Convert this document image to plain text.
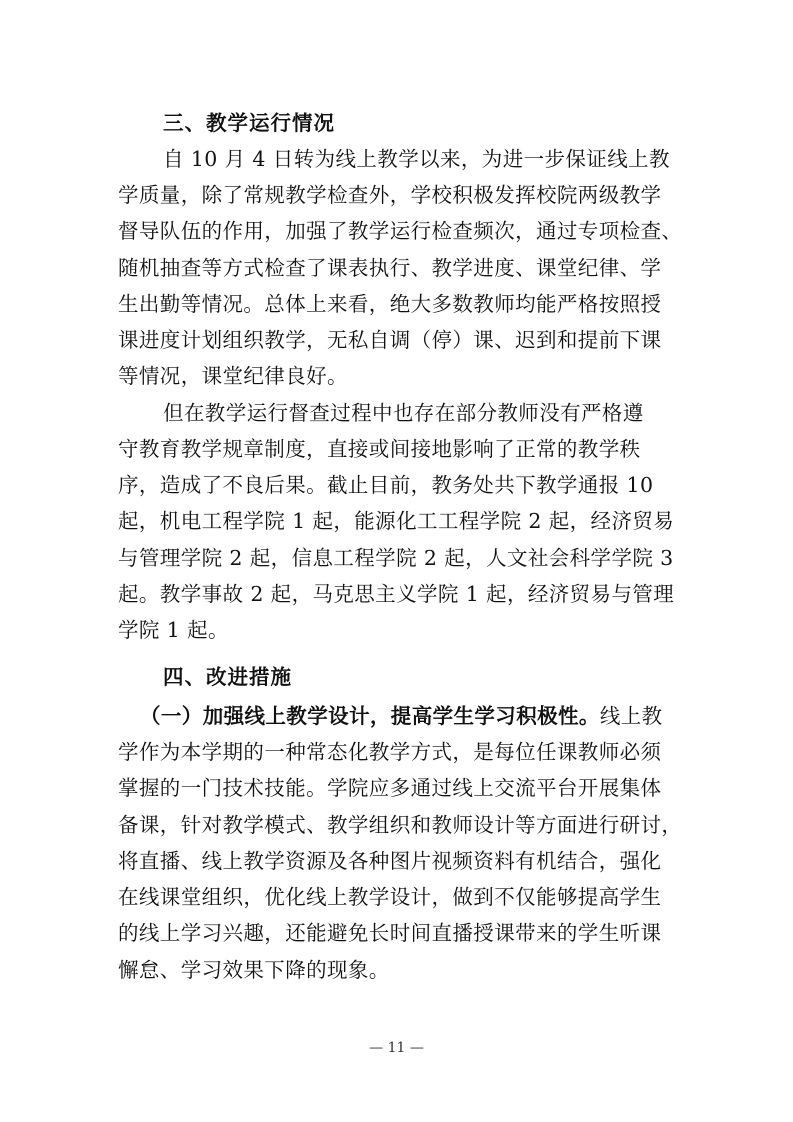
三、教学运行情况
自 10 月 4 日转为线上教学以来，为进一步保证线上教
学质量，除了常规教学检查外，学校积极发挥校院两级教学
督导队伍的作用，加强了教学运行检查频次，通过专项检查、
随机抽查等方式检查了课表执行、教学进度、课堂纪律、学
生出勤等情况。总体上来看，绝大多数教师均能严格按照授
课进度计划组织教学，无私自调（停）课、迟到和提前下课
等情况，课堂纪律良好。
但在教学运行督查过程中也存在部分教师没有严格遵
守教育教学规章制度，直接或间接地影响了正常的教学秩
序，造成了不良后果。截止目前，教务处共下教学通报 10
起，机电工程学院 1 起，能源化工工程学院 2 起，经济贸易
与管理学院 2 起，信息工程学院 2 起，人文社会科学学院 3
起。教学事故 2 起，马克思主义学院 1 起，经济贸易与管理
学院 1 起。
四、改进措施
（一）加强线上教学设计，提高学生学习积极性。线上教
学作为本学期的一种常态化教学方式，是每位任课教师必须
掌握的一门技术技能。学院应多通过线上交流平台开展集体
备课，针对教学模式、教学组织和教师设计等方面进行研讨，
将直播、线上教学资源及各种图片视频资料有机结合，强化
在线课堂组织，优化线上教学设计，做到不仅能够提高学生
的线上学习兴趣，还能避免长时间直播授课带来的学生听课
懈怠、学习效果下降的现象。
— 11 —
